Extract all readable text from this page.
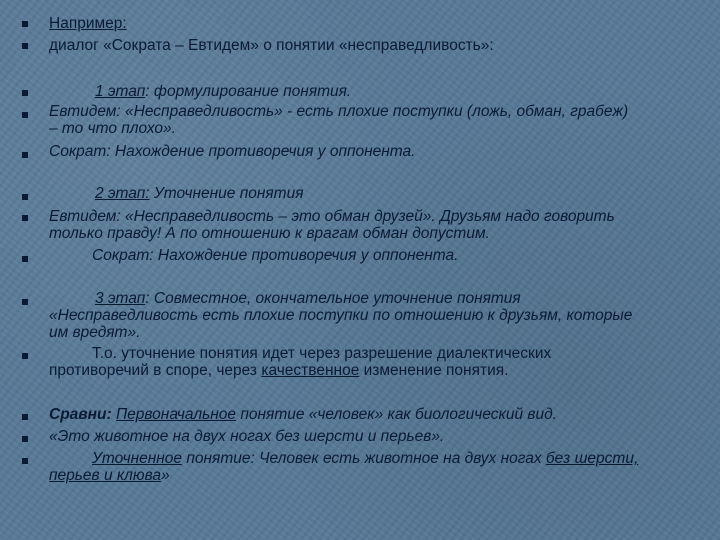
Например:
диалог «Сократа – Евтидем» о понятии «несправедливость»:
1 этап: формулирование понятия.
Евтидем: «Несправедливость» - есть плохие поступки (ложь, обман, грабеж)
– то что плохо».
Сократ: Нахождение противоречия у оппонента.
2 этап: Уточнение понятия
Евтидем: «Несправедливость – это обман друзей». Друзьям надо говорить
только правду! А по отношению к врагам обман допустим.
Сократ: Нахождение противоречия у оппонента.
3 этап: Совместное, окончательное уточнение понятия
«Несправедливость есть плохие поступки по отношению к друзьям, которые
им вредят».
Т.о. уточнение понятия идет через разрешение диалектических
противоречий в споре, через качественное изменение понятия.
Сравни: Первоначальное понятие «человек» как биологический вид.
«Это животное на двух ногах без шерсти и перьев».
Уточненное понятие: Человек есть животное на двух ногах без шерсти,
перьев и клюва»
